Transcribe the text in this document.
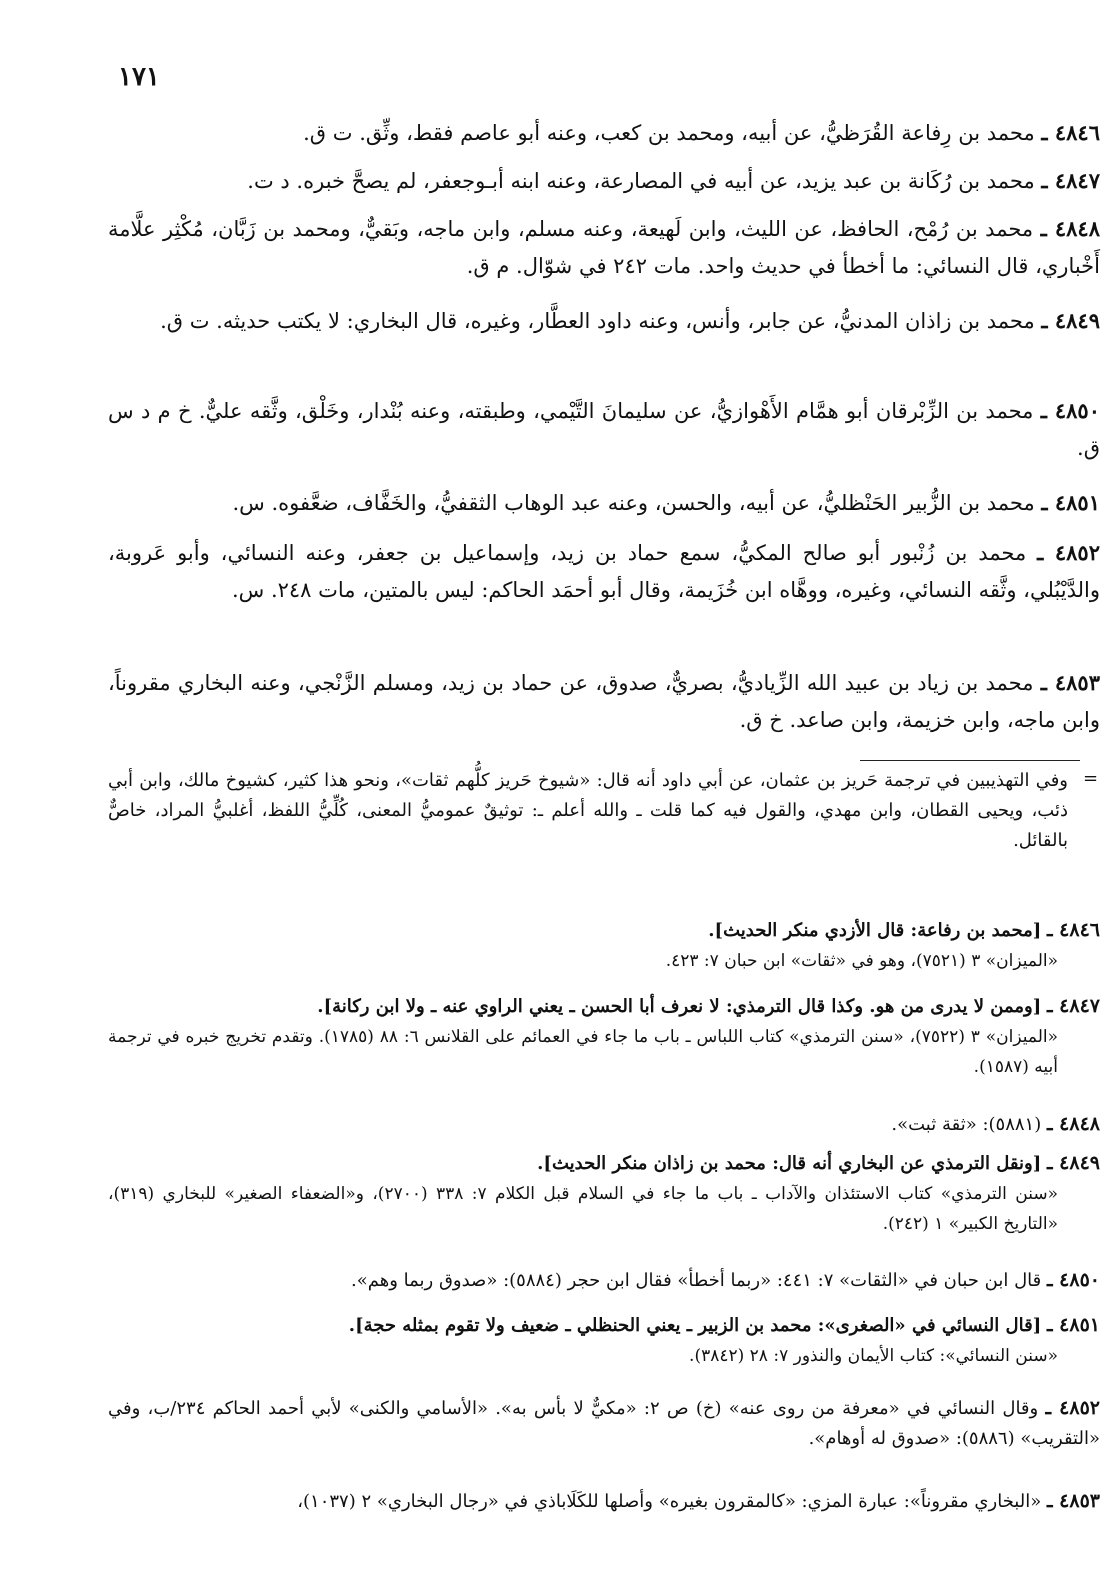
١٧١
٤٨٤٦ ـ محمد بن رِفاعة القُرَظيُّ، عن أبيه، ومحمد بن كعب، وعنه أبو عاصم فقط، وثِّق. ت ق.
٤٨٤٧ ـ محمد بن رُكَانة بن عبد يزيد، عن أبيه في المصارعة، وعنه ابنه أبـوجعفر، لم يصحَّ خبره. د ت.
٤٨٤٨ ـ محمد بن رُمْح، الحافظ، عن الليث، وابن لَهيعة، وعنه مسلم، وابن ماجه، وبَقيٌّ، ومحمد بن زَبَّان، مُكْثِر علَّامة أَخْباري، قال النسائي: ما أخطأ في حديث واحد. مات ٢٤٢ في شوّال. م ق.
٤٨٤٩ ـ محمد بن زاذان المدنيُّ، عن جابر، وأنس، وعنه داود العطَّار، وغيره، قال البخاري: لا يكتب حديثه. ت ق.
٤٨٥٠ ـ محمد بن الزِّبْرقان أبو همَّام الأَهْوازيُّ، عن سليمانَ التَّيْمي، وطبقته، وعنه بُنْدار، وخَلْق، وثَّقه عليٌّ. خ م د س ق.
٤٨٥١ ـ محمد بن الزُّبير الحَنْظليُّ، عن أبيه، والحسن، وعنه عبد الوهاب الثقفيُّ، والخَفَّاف، ضعَّفوه. س.
٤٨٥٢ ـ محمد بن زُنْبور أبو صالح المكيُّ، سمع حماد بن زيد، وإسماعيل بن جعفر، وعنه النسائي، وأبو عَروبة، والدَّيْبُلي، وثَّقه النسائي، وغيره، ووهَّاه ابن خُزَيمة، وقال أبو أحمَد الحاكم: ليس بالمتين، مات ٢٤٨. س.
٤٨٥٣ ـ محمد بن زياد بن عبيد الله الزِّياديُّ، بصريٌّ، صدوق، عن حماد بن زيد، ومسلم الزَّنْجي، وعنه البخاري مقروناً، وابن ماجه، وابن خزيمة، وابن صاعد. خ ق.
=
وفي التهذيبين في ترجمة حَريز بن عثمان، عن أبي داود أنه قال: «شيوخ حَريز كلُّهم ثقات»، ونحو هذا كثير، كشيوخ مالك، وابن أبي ذئب، ويحيى القطان، وابن مهدي، والقول فيه كما قلت ـ والله أعلم ـ: توثيقٌ عموميُّ المعنى، كُلِّيُّ اللفظ، أغلبيُّ المراد، خاصٌّ بالقائل.
٤٨٤٦ ـ [محمد بن رفاعة: قال الأزدي منكر الحديث].
«الميزان» ٣ (٧٥٢١)، وهو في «ثقات» ابن حبان ٧: ٤٢٣.
٤٨٤٧ ـ [وممن لا يدرى من هو. وكذا قال الترمذي: لا نعرف أبا الحسن ـ يعني الراوي عنه ـ ولا ابن ركانة].
«الميزان» ٣ (٧٥٢٢)، «سنن الترمذي» كتاب اللباس ـ باب ما جاء في العمائم على القلانس ٦: ٨٨ (١٧٨٥). وتقدم تخريج خبره في ترجمة أبيه (١٥٨٧).
٤٨٤٨ ـ (٥٨٨١): «ثقة ثبت».
٤٨٤٩ ـ [ونقل الترمذي عن البخاري أنه قال: محمد بن زاذان منكر الحديث].
«سنن الترمذي» كتاب الاستئذان والآداب ـ باب ما جاء في السلام قبل الكلام ٧: ٣٣٨ (٢٧٠٠)، و«الضعفاء الصغير» للبخاري (٣١٩)، «التاريخ الكبير» ١ (٢٤٢).
٤٨٥٠ ـ قال ابن حبان في «الثقات» ٧: ٤٤١: «ربما أخطأ» فقال ابن حجر (٥٨٨٤): «صدوق ربما وهم».
٤٨٥١ ـ [قال النسائي في «الصغرى»: محمد بن الزبير ـ يعني الحنظلي ـ ضعيف ولا تقوم بمثله حجة].
«سنن النسائي»: كتاب الأيمان والنذور ٧: ٢٨ (٣٨٤٢).
٤٨٥٢ ـ وقال النسائي في «معرفة من روى عنه» (خ) ص ٢: «مكيٌّ لا بأس به». «الأسامي والكنى» لأبي أحمد الحاكم ٢٣٤/ب، وفي «التقريب» (٥٨٨٦): «صدوق له أوهام».
٤٨٥٣ ـ «البخاري مقروناً»: عبارة المزي: «كالمقرون بغيره» وأصلها للكَلَاباذي في «رجال البخاري» ٢ (١٠٣٧)،
